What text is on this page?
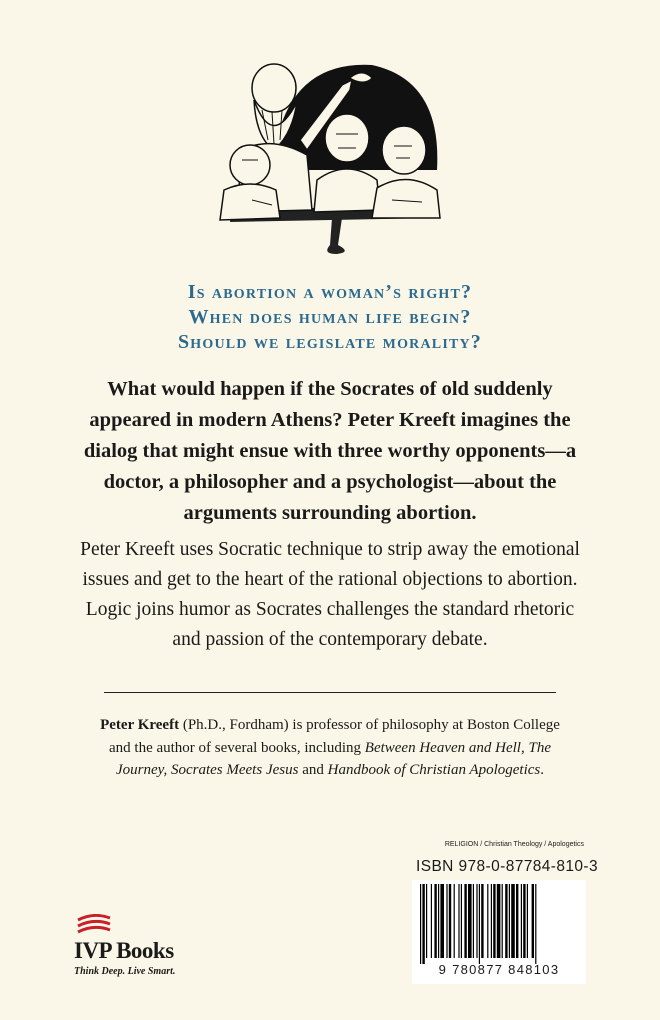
Is abortion a woman’s right?
When does human life begin?
Should we legislate morality?
What would happen if the Socrates of old suddenly appeared in modern Athens? Peter Kreeft imagines the dialog that might ensue with three worthy opponents—a doctor, a philosopher and a psychologist—about the arguments surrounding abortion.
Peter Kreeft uses Socratic technique to strip away the emotional issues and get to the heart of the rational objections to abortion. Logic joins humor as Socrates challenges the standard rhetoric and passion of the contemporary debate.
Peter Kreeft (Ph.D., Fordham) is professor of philosophy at Boston College and the author of several books, including Between Heaven and Hell, The Journey, Socrates Meets Jesus and Handbook of Christian Apologetics.
RELIGION / Christian Theology / Apologetics
ISBN 978-0-87784-810-3
9 780877 848103
IVP Books
Think Deep. Live Smart.
